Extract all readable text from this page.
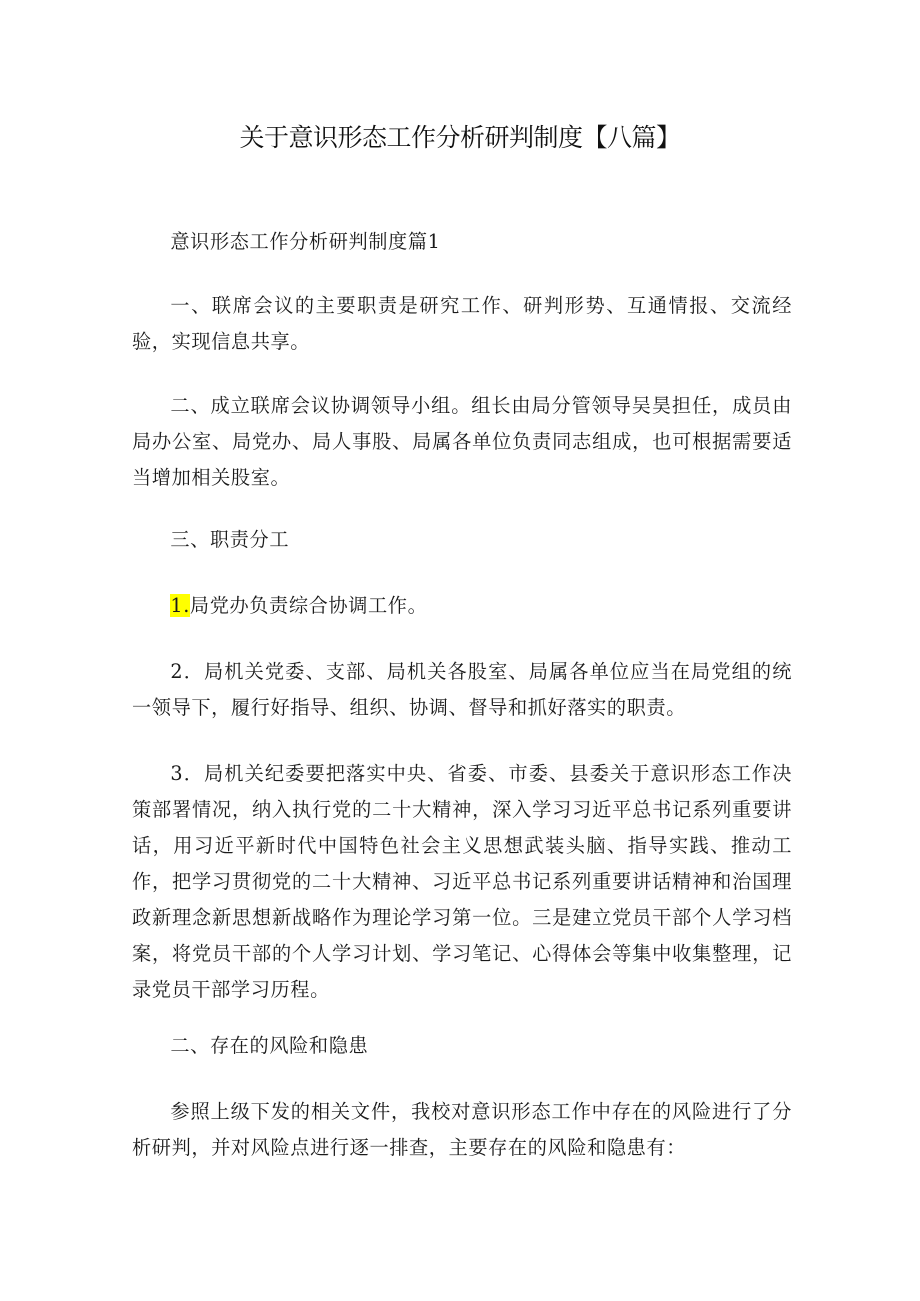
关于意识形态工作分析研判制度【八篇】

意识形态工作分析研判制度篇1

一、联席会议的主要职责是研究工作、研判形势、互通情报、交流经验，实现信息共享。

二、成立联席会议协调领导小组。组长由局分管领导吴昊担任，成员由局办公室、局党办、局人事股、局属各单位负责同志组成，也可根据需要适当增加相关股室。

三、职责分工

1.局党办负责综合协调工作。

2．局机关党委、支部、局机关各股室、局属各单位应当在局党组的统一领导下，履行好指导、组织、协调、督导和抓好落实的职责。

3．局机关纪委要把落实中央、省委、市委、县委关于意识形态工作决策部署情况，纳入执行党的二十大精神，深入学习习近平总书记系列重要讲话，用习近平新时代中国特色社会主义思想武装头脑、指导实践、推动工作，把学习贯彻党的二十大精神、习近平总书记系列重要讲话精神和治国理政新理念新思想新战略作为理论学习第一位。三是建立党员干部个人学习档案，将党员干部的个人学习计划、学习笔记、心得体会等集中收集整理，记录党员干部学习历程。

二、存在的风险和隐患

参照上级下发的相关文件，我校对意识形态工作中存在的风险进行了分析研判，并对风险点进行逐一排查，主要存在的风险和隐患有：
